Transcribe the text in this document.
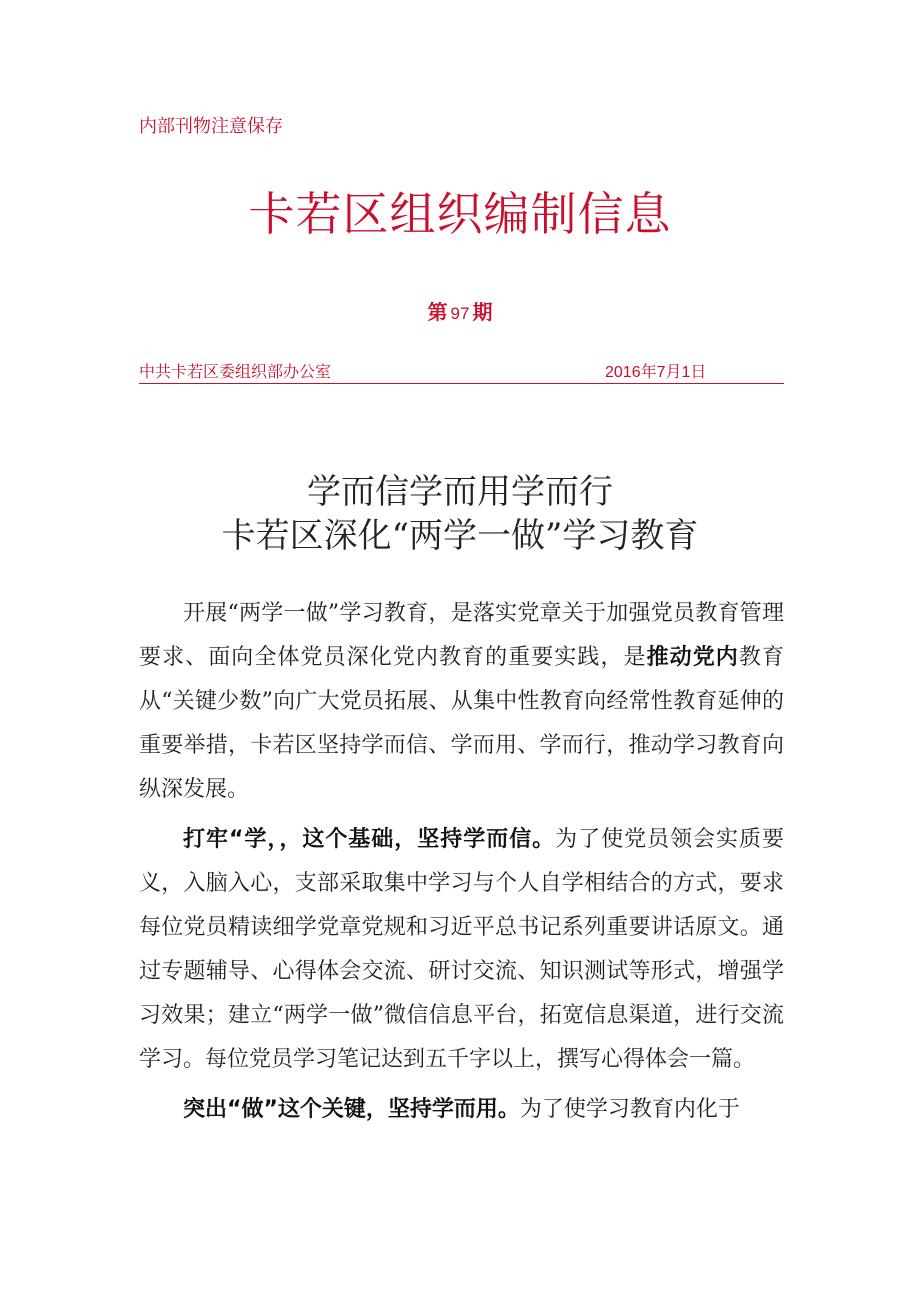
内部刊物注意保存
卡若区组织编制信息
第 97 期
中共卡若区委组织部办公室	2016年7月1日
学而信学而用学而行
卡若区深化“两学一做”学习教育

开展“两学一做”学习教育，是落实党章关于加强党员教育管理要求、面向全体党员深化党内教育的重要实践，是推动党内教育从“关键少数”向广大党员拓展、从集中性教育向经常性教育延伸的重要举措，卡若区坚持学而信、学而用、学而行，推动学习教育向纵深发展。

打牢“学，，这个基础，坚持学而信。为了使党员领会实质要义，入脑入心，支部采取集中学习与个人自学相结合的方式，要求每位党员精读细学党章党规和习近平总书记系列重要讲话原文。通过专题辅导、心得体会交流、研讨交流、知识测试等形式，增强学习效果；建立“两学一做”微信信息平台，拓宽信息渠道，进行交流学习。每位党员学习笔记达到五千字以上，撰写心得体会一篇。

突出“做”这个关键，坚持学而用。为了使学习教育内化于
